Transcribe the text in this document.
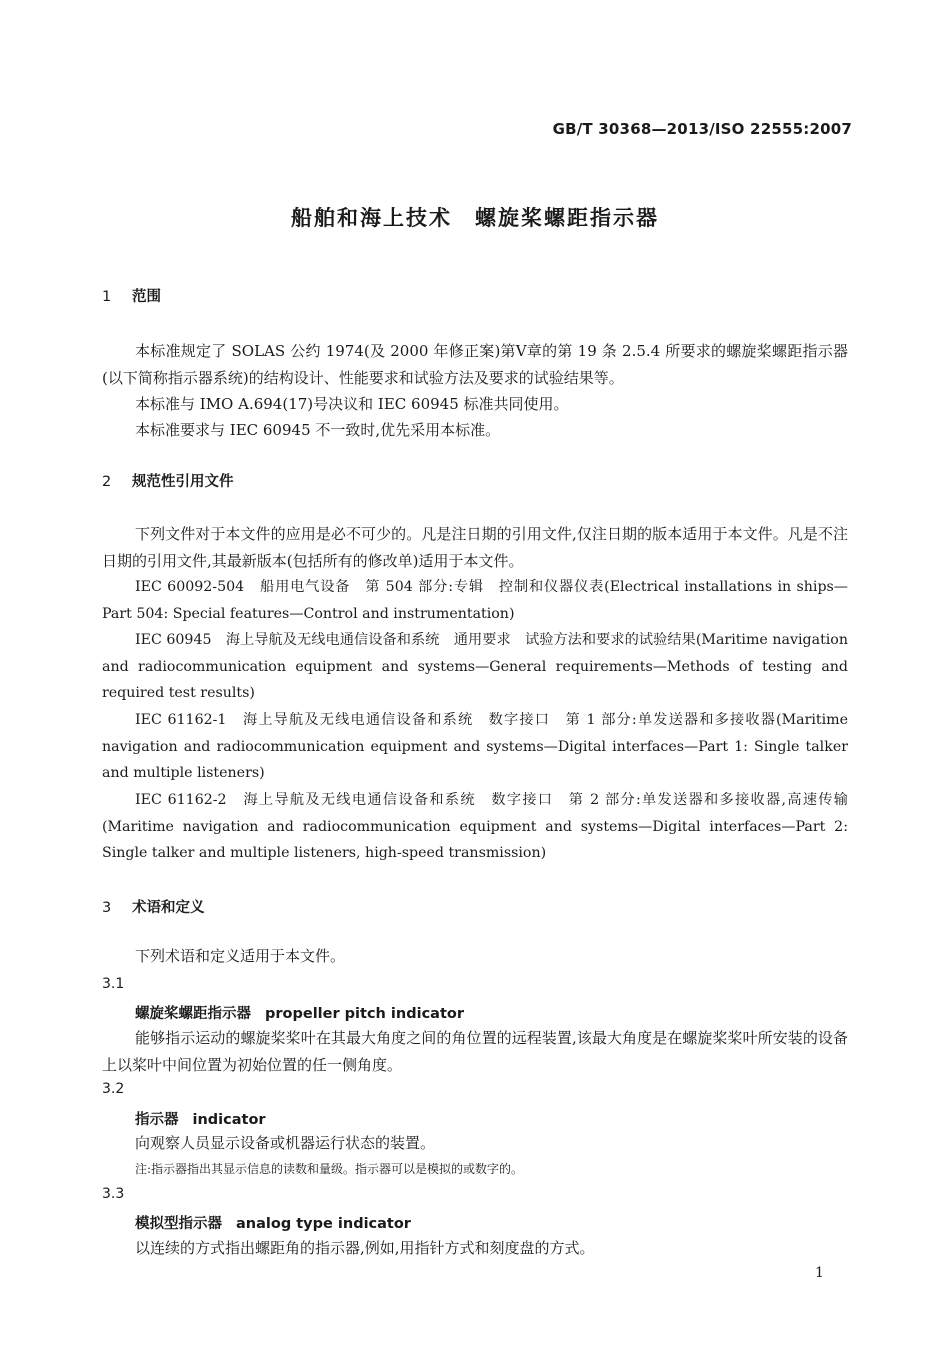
GB/T 30368—2013/ISO 22555:2007
船舶和海上技术　螺旋桨螺距指示器
1 范围
本标准规定了 SOLAS 公约 1974(及 2000 年修正案)第Ⅴ章的第 19 条 2.5.4 所要求的螺旋桨螺距指示器(以下简称指示器系统)的结构设计、性能要求和试验方法及要求的试验结果等。
本标准与 IMO A.694(17)号决议和 IEC 60945 标准共同使用。
本标准要求与 IEC 60945 不一致时,优先采用本标准。
2 规范性引用文件
下列文件对于本文件的应用是必不可少的。凡是注日期的引用文件,仅注日期的版本适用于本文件。凡是不注日期的引用文件,其最新版本(包括所有的修改单)适用于本文件。
IEC 60092-504　船用电气设备　第 504 部分:专辑　控制和仪器仪表(Electrical installations in ships—Part 504: Special features—Control and instrumentation)
IEC 60945　海上导航及无线电通信设备和系统　通用要求　试验方法和要求的试验结果(Maritime navigation and radiocommunication equipment and systems—General requirements—Methods of testing and required test results)
IEC 61162-1　海上导航及无线电通信设备和系统　数字接口　第 1 部分:单发送器和多接收器(Maritime navigation and radiocommunication equipment and systems—Digital interfaces—Part 1: Single talker and multiple listeners)
IEC 61162-2　海上导航及无线电通信设备和系统　数字接口　第 2 部分:单发送器和多接收器,高速传输(Maritime navigation and radiocommunication equipment and systems—Digital interfaces—Part 2: Single talker and multiple listeners, high-speed transmission)
3 术语和定义
下列术语和定义适用于本文件。
3.1
螺旋桨螺距指示器 propeller pitch indicator
能够指示运动的螺旋桨桨叶在其最大角度之间的角位置的远程装置,该最大角度是在螺旋桨桨叶所安装的设备上以桨叶中间位置为初始位置的任一侧角度。
3.2
指示器 indicator
向观察人员显示设备或机器运行状态的装置。
注:指示器指出其显示信息的读数和量级。指示器可以是模拟的或数字的。
3.3
模拟型指示器 analog type indicator
以连续的方式指出螺距角的指示器,例如,用指针方式和刻度盘的方式。
1
